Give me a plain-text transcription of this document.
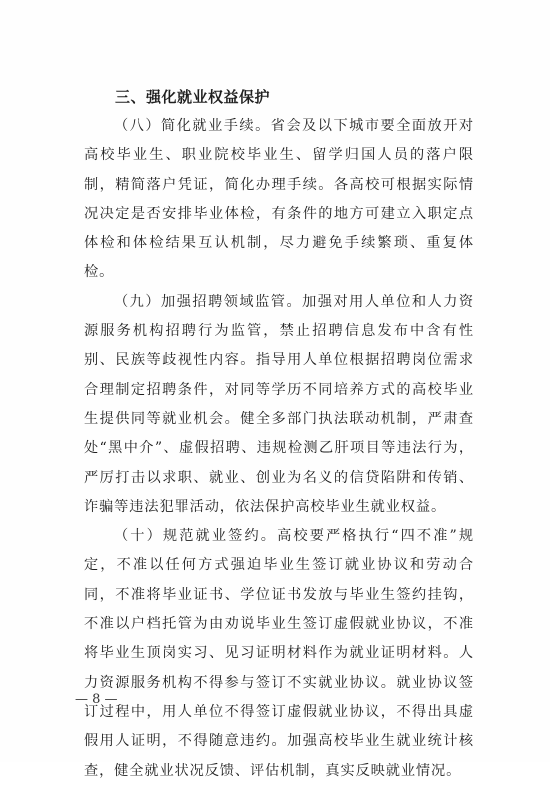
三、强化就业权益保护

（八）简化就业手续。省会及以下城市要全面放开对高校毕业生、职业院校毕业生、留学归国人员的落户限制，精简落户凭证，简化办理手续。各高校可根据实际情况决定是否安排毕业体检，有条件的地方可建立入职定点体检和体检结果互认机制，尽力避免手续繁琐、重复体检。

（九）加强招聘领域监管。加强对用人单位和人力资源服务机构招聘行为监管，禁止招聘信息发布中含有性别、民族等歧视性内容。指导用人单位根据招聘岗位需求合理制定招聘条件，对同等学历不同培养方式的高校毕业生提供同等就业机会。健全多部门执法联动机制，严肃查处“黑中介”、虚假招聘、违规检测乙肝项目等违法行为，严厉打击以求职、就业、创业为名义的信贷陷阱和传销、诈骗等违法犯罪活动，依法保护高校毕业生就业权益。

（十）规范就业签约。高校要严格执行“四不准”规定，不准以任何方式强迫毕业生签订就业协议和劳动合同，不准将毕业证书、学位证书发放与毕业生签约挂钩，不准以户档托管为由劝说毕业生签订虚假就业协议，不准将毕业生顶岗实习、见习证明材料作为就业证明材料。人力资源服务机构不得参与签订不实就业协议。就业协议签订过程中，用人单位不得签订虚假就业协议，不得出具虚假用人证明，不得随意违约。加强高校毕业生就业统计核查，健全就业状况反馈、评估机制，真实反映就业情况。

— 8 —
